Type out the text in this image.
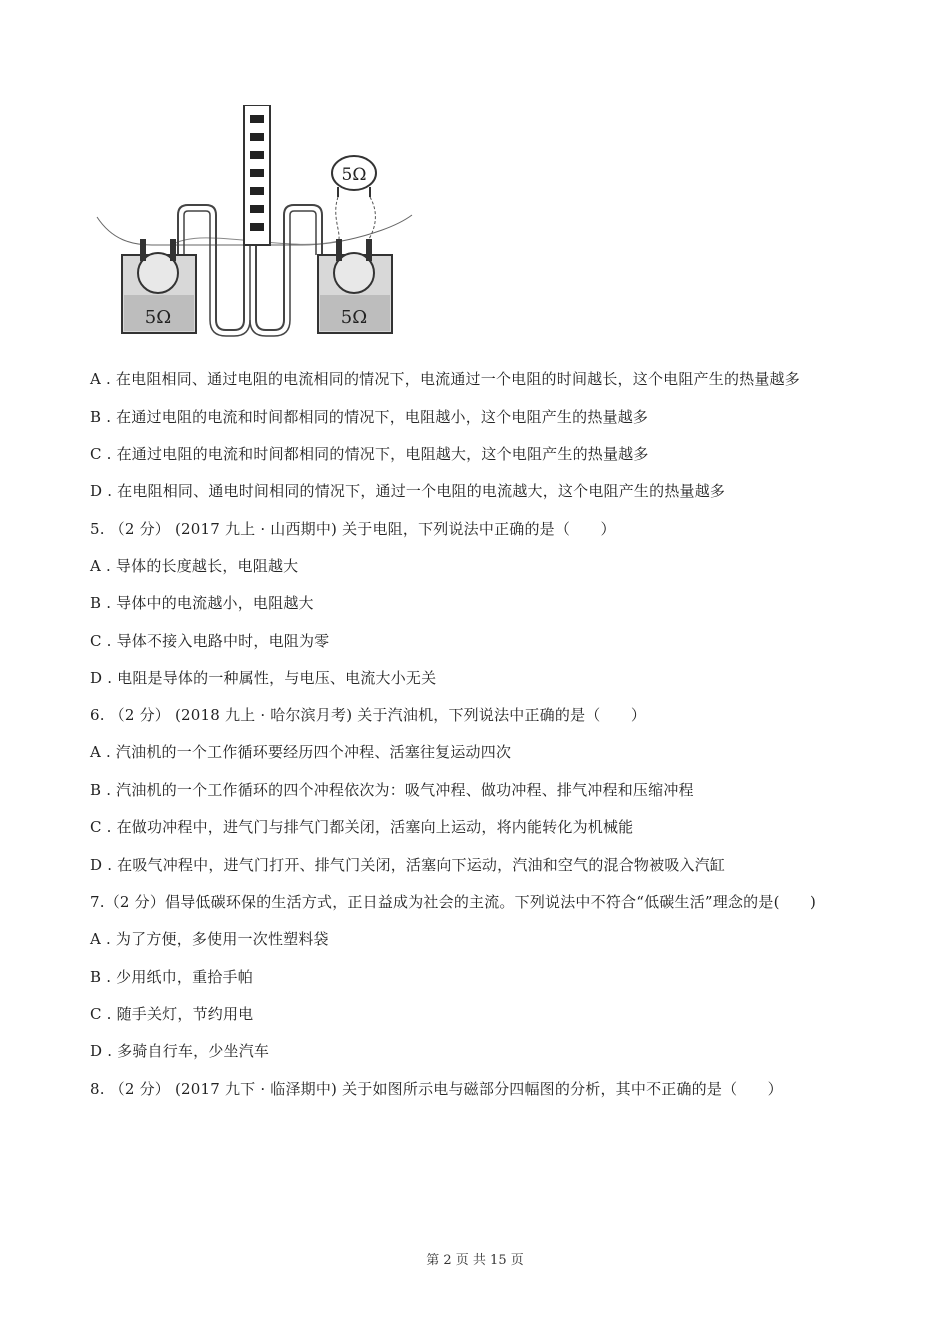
5Ω	5Ω
5Ω
A . 在电阻相同、通过电阻的电流相同的情况下，电流通过一个电阻的时间越长，这个电阻产生的热量越多
B . 在通过电阻的电流和时间都相同的情况下，电阻越小，这个电阻产生的热量越多
C . 在通过电阻的电流和时间都相同的情况下，电阻越大，这个电阻产生的热量越多
D . 在电阻相同、通电时间相同的情况下，通过一个电阻的电流越大，这个电阻产生的热量越多
5. （2 分） (2017 九上 · 山西期中) 关于电阻，下列说法中正确的是（　　）
A . 导体的长度越长，电阻越大
B . 导体中的电流越小，电阻越大
C . 导体不接入电路中时，电阻为零
D . 电阻是导体的一种属性，与电压、电流大小无关
6. （2 分） (2018 九上 · 哈尔滨月考) 关于汽油机，下列说法中正确的是（　　）
A . 汽油机的一个工作循环要经历四个冲程、活塞往复运动四次
B . 汽油机的一个工作循环的四个冲程依次为：吸气冲程、做功冲程、排气冲程和压缩冲程
C . 在做功冲程中，进气门与排气门都关闭，活塞向上运动，将内能转化为机械能
D . 在吸气冲程中，进气门打开、排气门关闭，活塞向下运动，汽油和空气的混合物被吸入汽缸
7.（2 分）倡导低碳环保的生活方式，正日益成为社会的主流。下列说法中不符合“低碳生活”理念的是(　　)
A . 为了方便，多使用一次性塑料袋
B . 少用纸巾，重拾手帕
C . 随手关灯，节约用电
D . 多骑自行车，少坐汽车
8. （2 分） (2017 九下 · 临泽期中) 关于如图所示电与磁部分四幅图的分析，其中不正确的是（　　）
第 2 页 共 15 页
